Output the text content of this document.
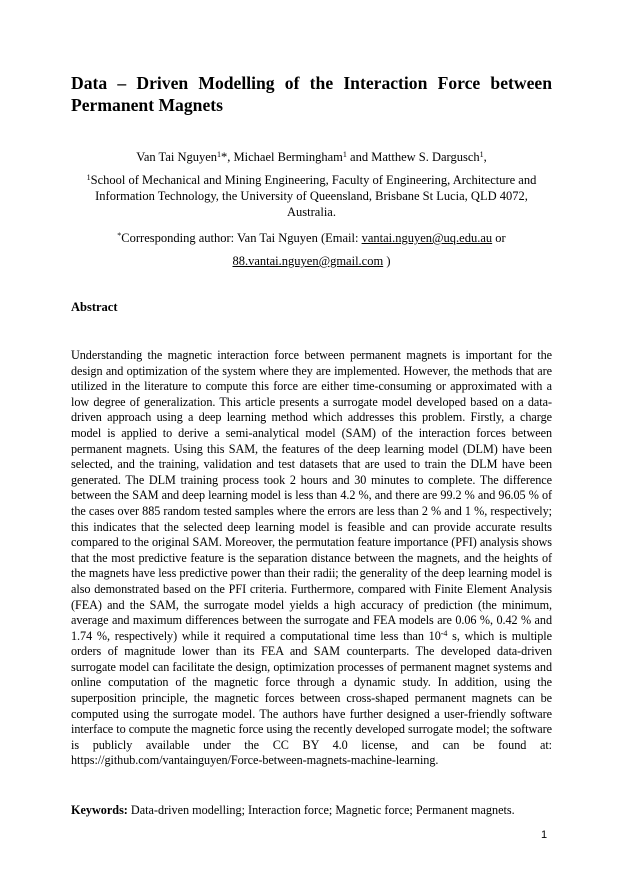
Data – Driven Modelling of the Interaction Force between
Permanent Magnets

Van Tai Nguyen$^1$*, Michael Bermingham$^1$ and Matthew S. Dargusch$^1$,

$^1$School of Mechanical and Mining Engineering, Faculty of Engineering, Architecture and Information Technology, the University of Queensland, Brisbane St Lucia, QLD 4072, Australia.

*Corresponding author: Van Tai Nguyen (Email: vantai.nguyen@uq.edu.au or

88.vantai.nguyen@gmail.com )

Abstract

Understanding the magnetic interaction force between permanent magnets is important for the design and optimization of the system where they are implemented. However, the methods that are utilized in the literature to compute this force are either time-consuming or approximated with a low degree of generalization. This article presents a surrogate model developed based on a data-driven approach using a deep learning method which addresses this problem. Firstly, a charge model is applied to derive a semi-analytical model (SAM) of the interaction forces between permanent magnets. Using this SAM, the features of the deep learning model (DLM) have been selected, and the training, validation and test datasets that are used to train the DLM have been generated. The DLM training process took 2 hours and 30 minutes to complete. The difference between the SAM and deep learning model is less than 4.2 %, and there are 99.2 % and 96.05 % of the cases over 885 random tested samples where the errors are less than 2 % and 1 %, respectively; this indicates that the selected deep learning model is feasible and can provide accurate results compared to the original SAM. Moreover, the permutation feature importance (PFI) analysis shows that the most predictive feature is the separation distance between the magnets, and the heights of the magnets have less predictive power than their radii; the generality of the deep learning model is also demonstrated based on the PFI criteria. Furthermore, compared with Finite Element Analysis (FEA) and the SAM, the surrogate model yields a high accuracy of prediction (the minimum, average and maximum differences between the surrogate and FEA models are 0.06 %, 0.42 % and 1.74 %, respectively) while it required a computational time less than $10^{-4}$ s, which is multiple orders of magnitude lower than its FEA and SAM counterparts. The developed data-driven surrogate model can facilitate the design, optimization processes of permanent magnet systems and online computation of the magnetic force through a dynamic study. In addition, using the superposition principle, the magnetic forces between cross-shaped permanent magnets can be computed using the surrogate model. The authors have further designed a user-friendly software interface to compute the magnetic force using the recently developed surrogate model; the software is publicly available under the CC BY 4.0 license, and can be found at: https://github.com/vantainguyen/Force-between-magnets-machine-learning.

Keywords: Data-driven modelling; Interaction force; Magnetic force; Permanent magnets.

1
